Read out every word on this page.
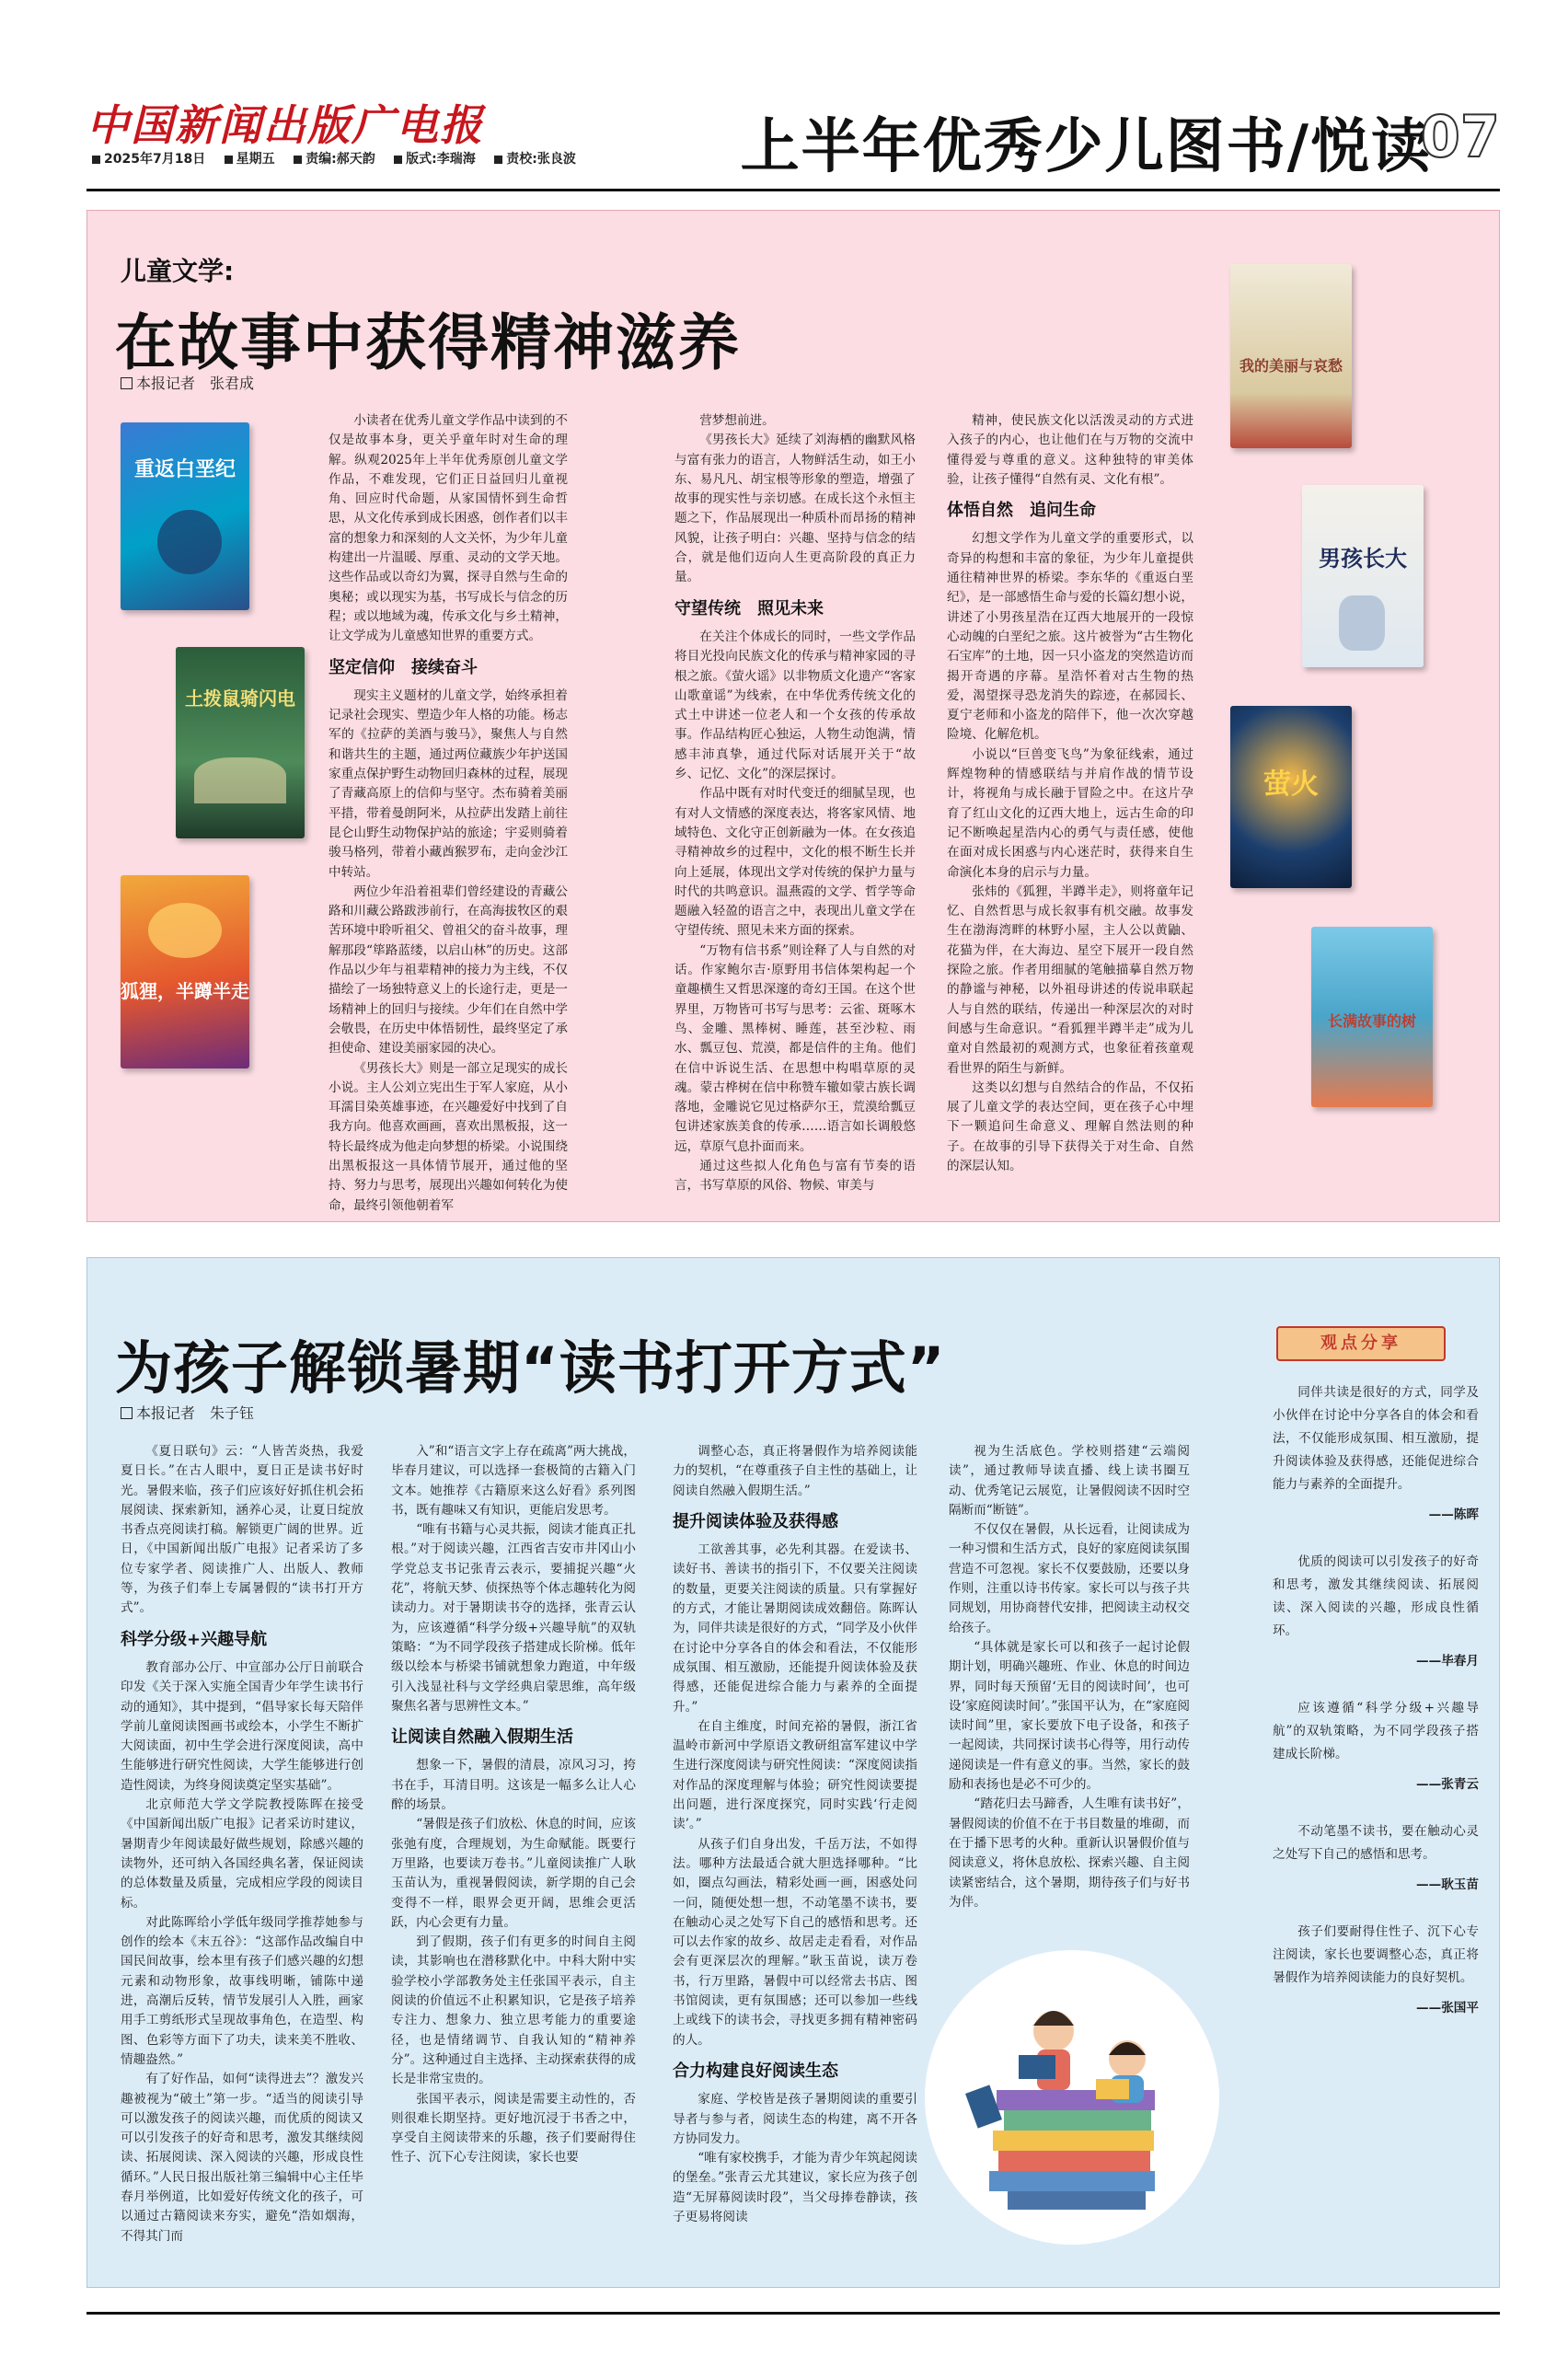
中国新闻出版广电报
2025年7月18日 星期五 责编:郝天韵 版式:李瑞海 责校:张良波	上半年优秀少儿图书/悦读
07
儿童文学:
在故事中获得精神滋养
本报记者　张君成
重返白垩纪
土拨鼠骑闪电
狐狸，半蹲半走

小读者在优秀儿童文学作品中读到的不仅是故事本身，更关乎童年时对生命的理解。纵观2025年上半年优秀原创儿童文学作品，不难发现，它们正日益回归儿童视角、回应时代命题，从家国情怀到生命哲思，从文化传承到成长困惑，创作者们以丰富的想象力和深刻的人文关怀，为少年儿童构建出一片温暖、厚重、灵动的文学天地。这些作品或以奇幻为翼，探寻自然与生命的奥秘；或以现实为基，书写成长与信念的历程；或以地域为魂，传承文化与乡土精神，让文学成为儿童感知世界的重要方式。

坚定信仰　接续奋斗

现实主义题材的儿童文学，始终承担着记录社会现实、塑造少年人格的功能。杨志军的《拉萨的美酒与骏马》，聚焦人与自然和谐共生的主题，通过两位藏族少年护送国家重点保护野生动物回归森林的过程，展现了青藏高原上的信仰与坚守。杰布骑着美丽平措，带着曼朗阿米，从拉萨出发踏上前往昆仑山野生动物保护站的旅途；宇妥则骑着骏马格列，带着小藏酋猴罗布，走向金沙江中转站。

两位少年沿着祖辈们曾经建设的青藏公路和川藏公路跋涉前行，在高海拔牧区的艰苦环境中聆听祖父、曾祖父的奋斗故事，理解那段“筚路蓝缕，以启山林”的历史。这部作品以少年与祖辈精神的接力为主线，不仅描绘了一场独特意义上的长途行走，更是一场精神上的回归与接续。少年们在自然中学会敬畏，在历史中体悟韧性，最终坚定了承担使命、建设美丽家园的决心。

《男孩长大》则是一部立足现实的成长小说。主人公刘立宪出生于军人家庭，从小耳濡目染英雄事迹，在兴趣爱好中找到了自我方向。他喜欢画画，喜欢出黑板报，这一特长最终成为他走向梦想的桥梁。小说围绕出黑板报这一具体情节展开，通过他的坚持、努力与思考，展现出兴趣如何转化为使命，最终引领他朝着军

营梦想前进。

《男孩长大》延续了刘海栖的幽默风格与富有张力的语言，人物鲜活生动，如王小东、易凡凡、胡宝根等形象的塑造，增强了故事的现实性与亲切感。在成长这个永恒主题之下，作品展现出一种质朴而昂扬的精神风貌，让孩子明白：兴趣、坚持与信念的结合，就是他们迈向人生更高阶段的真正力量。

守望传统　照见未来

在关注个体成长的同时，一些文学作品将目光投向民族文化的传承与精神家园的寻根之旅。《萤火谣》以非物质文化遗产“客家山歌童谣”为线索，在中华优秀传统文化的式土中讲述一位老人和一个女孩的传承故事。作品结构匠心独运，人物生动饱满，情感丰沛真挚，通过代际对话展开关于“故乡、记忆、文化”的深层探讨。

作品中既有对时代变迁的细腻呈现，也有对人文情感的深度表达，将客家风情、地域特色、文化守正创新融为一体。在女孩追寻精神故乡的过程中，文化的根不断生长并向上延展，体现出文学对传统的保护力量与时代的共鸣意识。温燕霞的文学、哲学等命题融入轻盈的语言之中，表现出儿童文学在守望传统、照见未来方面的探索。

“万物有信书系”则诠释了人与自然的对话。作家鲍尔吉·原野用书信体架构起一个童趣横生又哲思深邃的奇幻王国。在这个世界里，万物皆可书写与思考：云雀、斑啄木鸟、金雕、黑棒树、睡莲，甚至沙粒、雨水、瓢豆包、荒漠，都是信件的主角。他们在信中诉说生活、在思想中构唱草原的灵魂。蒙古桦树在信中称赞车辙如蒙古族长调落地，金雕说它见过格萨尔王，荒漠给瓢豆包讲述家族美食的传承……语言如长调般悠远，草原气息扑面而来。

通过这些拟人化角色与富有节奏的语言，书写草原的风俗、物候、审美与

精神，使民族文化以活泼灵动的方式进入孩子的内心，也让他们在与万物的交流中懂得爱与尊重的意义。这种独特的审美体验，让孩子懂得“自然有灵、文化有根”。

体悟自然　追问生命

幻想文学作为儿童文学的重要形式，以奇异的构想和丰富的象征，为少年儿童提供通往精神世界的桥梁。李东华的《重返白垩纪》，是一部感悟生命与爱的长篇幻想小说，讲述了小男孩星浩在辽西大地展开的一段惊心动魄的白垩纪之旅。这片被誉为“古生物化石宝库”的土地，因一只小盗龙的突然造访而揭开奇遇的序幕。星浩怀着对古生物的热爱，渴望探寻恐龙消失的踪迹，在郝园长、夏宁老师和小盗龙的陪伴下，他一次次穿越险境、化解危机。

小说以“巨兽变飞鸟”为象征线索，通过辉煌物种的情感联结与并肩作战的情节设计，将视角与成长融于冒险之中。在这片孕育了红山文化的辽西大地上，远古生命的印记不断唤起星浩内心的勇气与责任感，使他在面对成长困惑与内心迷茫时，获得来自生命演化本身的启示与力量。

张炜的《狐狸，半蹲半走》，则将童年记忆、自然哲思与成长叙事有机交融。故事发生在渤海湾畔的林野小屋，主人公以黄鼬、花猫为伴，在大海边、星空下展开一段自然探险之旅。作者用细腻的笔触描摹自然万物的静谧与神秘，以外祖母讲述的传说串联起人与自然的联结，传递出一种深层次的对时间感与生命意识。“看狐狸半蹲半走”成为儿童对自然最初的观测方式，也象征着孩童观看世界的陌生与新鲜。

这类以幻想与自然结合的作品，不仅拓展了儿童文学的表达空间，更在孩子心中埋下一颗追问生命意义、理解自然法则的种子。在故事的引导下获得关于对生命、自然的深层认知。

我的美丽与哀愁
男孩长大
萤火
长满故事的树
为孩子解锁暑期“读书打开方式”
本报记者　朱子钰

《夏日联句》云：“人皆苦炎热，我爱夏日长。”在古人眼中，夏日正是读书好时光。暑假来临，孩子们应该好好抓住机会拓展阅读、探索新知，涵养心灵，让夏日绽放书香点亮阅读打稿。解锁更广阔的世界。近日，《中国新闻出版广电报》记者采访了多位专家学者、阅读推广人、出版人、教师等，为孩子们奉上专属暑假的“读书打开方式”。

科学分级+兴趣导航

教育部办公厅、中宣部办公厅日前联合印发《关于深入实施全国青少年学生读书行动的通知》，其中提到，“倡导家长每天陪伴学前儿童阅读图画书或绘本，小学生不断扩大阅读面，初中生学会进行深度阅读，高中生能够进行研究性阅读，大学生能够进行创造性阅读，为终身阅读奠定坚实基础”。

北京师范大学文学院教授陈晖在接受《中国新闻出版广电报》记者采访时建议，暑期青少年阅读最好做些规划，除感兴趣的读物外，还可纳入各国经典名著，保证阅读的总体数量及质量，完成相应学段的阅读目标。

对此陈晖给小学低年级同学推荐她参与创作的绘本《末五谷》：“这部作品改编自中国民间故事，绘本里有孩子们感兴趣的幻想元素和动物形象，故事线明晰，铺陈中递进，高潮后反转，情节发展引人入胜，画家用手工剪纸形式呈现故事角色，在造型、构图、色彩等方面下了功夫，读来美不胜收、情趣盎然。”

有了好作品，如何“读得进去”？激发兴趣被视为“破土”第一步。“适当的阅读引导可以激发孩子的阅读兴趣，而优质的阅读又可以引发孩子的好奇和思考，激发其继续阅读、拓展阅读、深入阅读的兴趣，形成良性循环。”人民日报出版社第三编辑中心主任毕春月举例道，比如爱好传统文化的孩子，可以通过古籍阅读来夯实，避免“浩如烟海，不得其门而

入”和“语言文字上存在疏离”两大挑战，毕春月建议，可以选择一套极简的古籍入门文本。她推荐《古籍原来这么好看》系列图书，既有趣味又有知识，更能启发思考。

“唯有书籍与心灵共振，阅读才能真正扎根。”对于阅读兴趣，江西省吉安市井冈山小学党总支书记张青云表示，要捕捉兴趣“火花”，将航天梦、侦探热等个体志趣转化为阅读动力。对于暑期读书夺的选择，张青云认为，应该遵循“科学分级+兴趣导航”的双轨策略：“为不同学段孩子搭建成长阶梯。低年级以绘本与桥梁书铺就想象力跑道，中年级引入浅显社科与文学经典启蒙思维，高年级聚焦名著与思辨性文本。”

让阅读自然融入假期生活

想象一下，暑假的清晨，凉风习习，挎书在手，耳清目明。这该是一幅多么让人心醉的场景。

“暑假是孩子们放松、休息的时间，应该张弛有度，合理规划，为生命赋能。既要行万里路，也要读万卷书。”儿童阅读推广人耿玉苗认为，重视暑假阅读，新学期的自己会变得不一样，眼界会更开阔，思维会更活跃，内心会更有力量。

到了假期，孩子们有更多的时间自主阅读，其影响也在潜移默化中。中科大附中实验学校小学部教务处主任张国平表示，自主阅读的价值远不止积累知识，它是孩子培养专注力、想象力、独立思考能力的重要途径，也是情绪调节、自我认知的“精神养分”。这种通过自主选择、主动探索获得的成长是非常宝贵的。

张国平表示，阅读是需要主动性的，否则很难长期坚持。更好地沉浸于书香之中，享受自主阅读带来的乐趣，孩子们要耐得住性子、沉下心专注阅读，家长也要

调整心态，真正将暑假作为培养阅读能力的契机，“在尊重孩子自主性的基础上，让阅读自然融入假期生活。”

提升阅读体验及获得感

工欲善其事，必先利其器。在爱读书、读好书、善读书的指引下，不仅要关注阅读的数量，更要关注阅读的质量。只有掌握好的方式，才能让暑期阅读成效翻倍。陈晖认为，同伴共读是很好的方式，“同学及小伙伴在讨论中分享各自的体会和看法，不仅能形成氛围、相互激励，还能提升阅读体验及获得感，还能促进综合能力与素养的全面提升。”

在自主维度，时间充裕的暑假，浙江省温岭市新河中学原语文教研组富军建议中学生进行深度阅读与研究性阅读：“深度阅读指对作品的深度理解与体验；研究性阅读要提出问题，进行深度探究，同时实践‘行走阅读’。”

从孩子们自身出发，千岳万法，不如得法。哪种方法最适合就大胆选择哪种。“比如，圈点勾画法，精彩处画一画，困惑处问一问，随便处想一想，不动笔墨不读书，要在触动心灵之处写下自己的感悟和思考。还可以去作家的故乡、故居走走看看，对作品会有更深层次的理解。”耿玉苗说，读万卷书，行万里路，暑假中可以经常去书店、图书馆阅读，更有氛围感；还可以参加一些线上或线下的读书会，寻找更多拥有精神密码的人。

合力构建良好阅读生态

家庭、学校皆是孩子暑期阅读的重要引导者与参与者，阅读生态的构建，离不开各方协同发力。

“唯有家校携手，才能为青少年筑起阅读的堡垒。”张青云尤其建议，家长应为孩子创造“无屏幕阅读时段”，当父母捧卷静读，孩子更易将阅读

视为生活底色。学校则搭建“云端阅读”，通过教师导读直播、线上读书圈互动、优秀笔记云展览，让暑假阅读不因时空隔断而“断链”。

不仅仅在暑假，从长远看，让阅读成为一种习惯和生活方式，良好的家庭阅读氛围营造不可忽视。家长不仅要鼓励，还要以身作则，注重以诗书传家。家长可以与孩子共同规划，用协商替代安排，把阅读主动权交给孩子。

“具体就是家长可以和孩子一起讨论假期计划，明确兴趣班、作业、休息的时间边界，同时每天预留‘无目的阅读时间’，也可设‘家庭阅读时间’。”张国平认为，在“家庭阅读时间”里，家长要放下电子设备，和孩子一起阅读，共同探讨读书心得等，用行动传递阅读是一件有意义的事。当然，家长的鼓励和表扬也是必不可少的。

“踏花归去马蹄香，人生唯有读书好”，暑假阅读的价值不在于书目数量的堆砌，而在于播下思考的火种。重新认识暑假价值与阅读意义，将休息放松、探索兴趣、自主阅读紧密结合，这个暑期，期待孩子们与好书为伴。

观点分享

同伴共读是很好的方式，同学及小伙伴在讨论中分享各自的体会和看法，不仅能形成氛围、相互激励，提升阅读体验及获得感，还能促进综合能力与素养的全面提升。

——陈晖

优质的阅读可以引发孩子的好奇和思考，激发其继续阅读、拓展阅读、深入阅读的兴趣，形成良性循环。

——毕春月

应该遵循“科学分级+兴趣导航”的双轨策略，为不同学段孩子搭建成长阶梯。

——张青云

不动笔墨不读书，要在触动心灵之处写下自己的感悟和思考。

——耿玉苗

孩子们要耐得住性子、沉下心专注阅读，家长也要调整心态，真正将暑假作为培养阅读能力的良好契机。

——张国平
